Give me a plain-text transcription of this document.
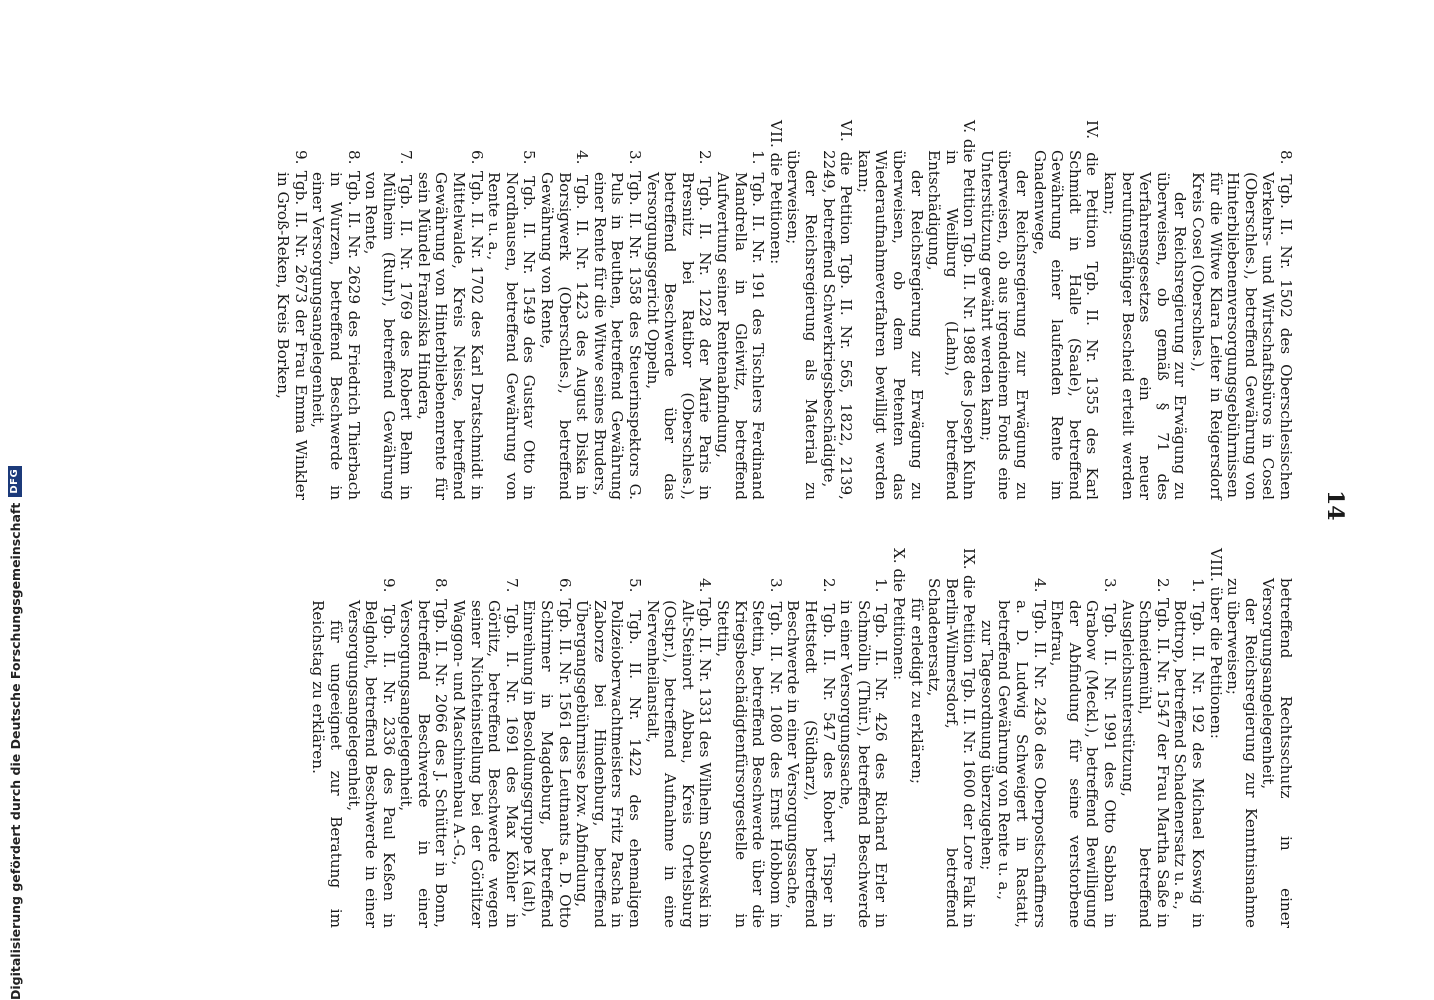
14

8. Tgb. II. Nr. 1502 des Oberschlesischen Verkehrs- und Wirtschaftsbüros in Cosel (Oberschles.), betreffend Gewährung von Hinterbliebenenversorgungsgebührnissen für die Witwe Klara Leiter in Reigersdorf Kreis Cosel (Oberschles.),

der Reichsregierung zur Erwägung zu überweisen, ob gemäß § 71 des Verfahrensgesetzes ein neuer berufungsfähiger Bescheid erteilt werden kann;

IV. die Petition Tgb. II. Nr. 1355 des Karl Schmidt in Halle (Saale), betreffend Gewährung einer laufenden Rente im Gnadenwege,

der Reichsregierung zur Erwägung zu überweisen, ob aus irgendeinem Fonds eine Unterstützung gewährt werden kann;

V. die Petition Tgb. II. Nr. 1988 des Joseph Kuhn in Weilburg (Lahn), betreffend Entschädigung,

der Reichsregierung zur Erwägung zu überweisen, ob dem Petenten das Wiederaufnahmeverfahren bewilligt werden kann;

VI. die Petition Tgb. II. Nr. 565, 1822, 2139, 2249, betreffend Schwerkriegsbeschädigte,

der Reichsregierung als Material zu überweisen;

VII. die Petitionen:

1. Tgb. II. Nr. 191 des Tischlers Ferdinand Mandrella in Gleiwitz, betreffend Aufwertung seiner Rentenabfindung,

2. Tgb. II. Nr. 1228 der Marie Paris in Bresnitz bei Ratibor (Oberschles.), betreffend Beschwerde über das Versorgungsgericht Oppeln,

3. Tgb. II. Nr. 1358 des Steuerinspektors G. Puls in Beuthen, betreffend Gewährung einer Rente für die Witwe seines Bruders,

4. Tgb. II. Nr. 1423 des August Diska in Borsigwerk (Oberschles.), betreffend Gewährung von Rente,

5. Tgb. II. Nr. 1549 des Gustav Otto in Nordhausen, betreffend Gewährung von Rente u. a.,

6. Tgb. II. Nr. 1702 des Karl Dratschmidt in Mittelwalde, Kreis Neisse, betreffend Gewährung von Hinterbliebenenrente für sein Mündel Franziska Hindera,

7. Tgb. II. Nr. 1769 des Robert Behm in Mülheim (Ruhr), betreffend Gewährung von Rente,

8. Tgb. II. Nr. 2629 des Friedrich Thierbach in Wurzen, betreffend Beschwerde in einer Versorgungsangelegenheit,

9. Tgb. II. Nr. 2673 der Frau Emma Winkler in Groß-Reken, Kreis Borken,

betreffend Rechtsschutz in einer Versorgungsangelegenheit,

der Reichsregierung zur Kenntnisnahme zu überweisen;

VIII. über die Petitionen:

1. Tgb. II. Nr. 192 des Michael Koswig in Bottrop, betreffend Schadenersatz u. a.,

2. Tgb. II. Nr. 1547 der Frau Martha Saße in Schneidemühl, betreffend Ausgleichsunterstützung,

3. Tgb. II. Nr. 1991 des Otto Sabban in Grabow (Meckl.), betreffend Bewilligung der Abfindung für seine verstorbene Ehefrau,

4. Tgb. II. Nr. 2436 des Oberpostschaffners a. D. Ludwig Schweigert in Rastatt, betreffend Gewährung von Rente u. a.,

zur Tagesordnung überzugehen;

IX. die Petition Tgb. II. Nr. 1600 der Lore Falk in Berlin-Wilmersdorf, betreffend Schadenersatz,

für erledigt zu erklären;

X. die Petitionen:

1. Tgb. II. Nr. 426 des Richard Erler in Schmölln (Thür.), betreffend Beschwerde in einer Versorgungssache,

2. Tgb. II. Nr. 547 des Robert Tisper in Hettstedt (Südharz), betreffend Beschwerde in einer Versorgungssache,

3. Tgb. II. Nr. 1080 des Ernst Hobbom in Stettin, betreffend Beschwerde über die Kriegsbeschädigtenfürsorgestelle in Stettin,

4. Tgb. II. Nr. 1331 des Wilhelm Sablowski in Alt-Steinort Abbau, Kreis Ortelsburg (Ostpr.), betreffend Aufnahme in eine Nervenheilanstalt,

5. Tgb. II. Nr. 1422 des ehemaligen Polizeioberwachtmeisters Fritz Pascha in Zaborze bei Hindenburg, betreffend Übergangsgebührnisse bzw. Abfindung,

6. Tgb. II. Nr. 1561 des Leutnants a. D. Otto Schirmer in Magdeburg, betreffend Einreihung in Besoldungsgruppe IX (alt),

7. Tgb. II. Nr. 1691 des Max Köhler in Görlitz, betreffend Beschwerde wegen seiner Nichteinstellung bei der Görlitzer Waggon- und Maschinenbau A.-G.,

8. Tgb. II. Nr. 2066 des J. Schütter in Bonn, betreffend Beschwerde in einer Versorgungsangelegenheit,

9. Tgb. II. Nr. 2336 des Paul Keßen in Belgholt, betreffend Beschwerde in einer Versorgungsangelegenheit,

für ungeeignet zur Beratung im Reichstag zu erklären.

Digitalisierung gefördert durch die Deutsche Forschungsgemeinschaft
DFG
